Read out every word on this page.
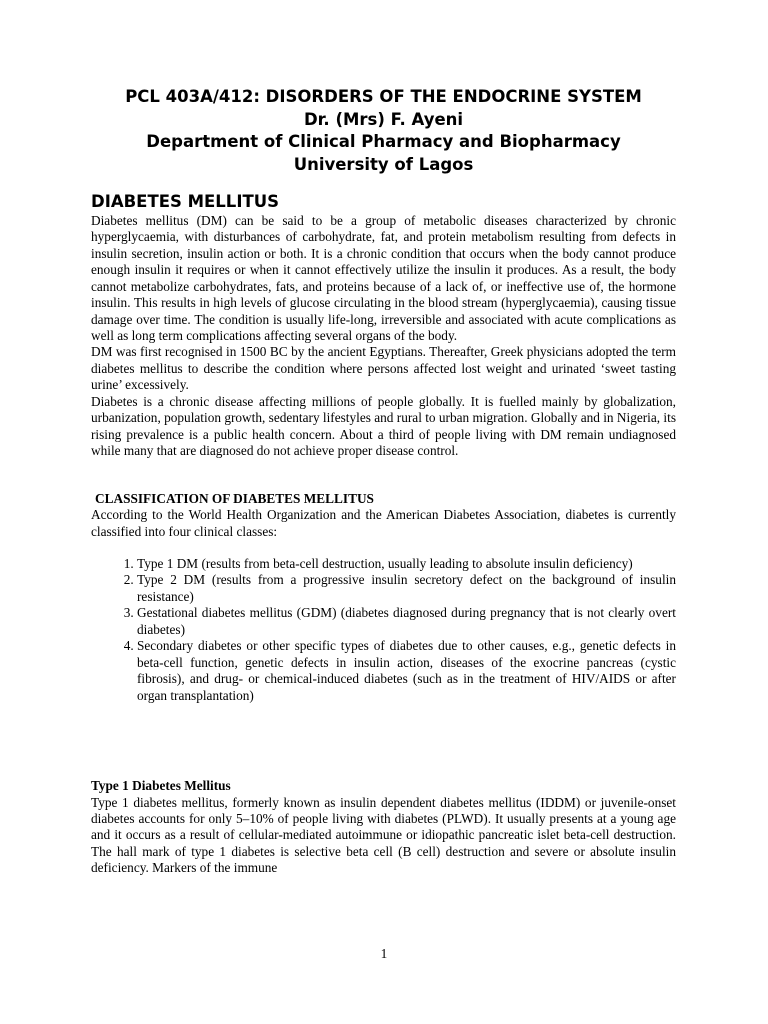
PCL 403A/412: DISORDERS OF THE ENDOCRINE SYSTEM

Dr. (Mrs) F. Ayeni

Department of Clinical Pharmacy and Biopharmacy

University of Lagos

DIABETES MELLITUS

Diabetes mellitus (DM) can be said to be a group of metabolic diseases characterized by chronic hyperglycaemia, with disturbances of carbohydrate, fat, and protein metabolism resulting from defects in insulin secretion, insulin action or both. It is a chronic condition that occurs when the body cannot produce enough insulin it requires or when it cannot effectively utilize the insulin it produces. As a result, the body cannot metabolize carbohydrates, fats, and proteins because of a lack of, or ineffective use of, the hormone insulin. This results in high levels of glucose circulating in the blood stream (hyperglycaemia), causing tissue damage over time. The condition is usually life-long, irreversible and associated with acute complications as well as long term complications affecting several organs of the body.

DM was first recognised in 1500 BC by the ancient Egyptians. Thereafter, Greek physicians adopted the term diabetes mellitus to describe the condition where persons affected lost weight and urinated ‘sweet tasting urine’ excessively.

Diabetes is a chronic disease affecting millions of people globally. It is fuelled mainly by globalization, urbanization, population growth, sedentary lifestyles and rural to urban migration. Globally and in Nigeria, its rising prevalence is a public health concern. About a third of people living with DM remain undiagnosed while many that are diagnosed do not achieve proper disease control.

CLASSIFICATION OF DIABETES MELLITUS

According to the World Health Organization and the American Diabetes Association, diabetes is currently classified into four clinical classes:

1. Type 1 DM (results from beta-cell destruction, usually leading to absolute insulin deficiency)
2. Type 2 DM (results from a progressive insulin secretory defect on the background of insulin resistance)
3. Gestational diabetes mellitus (GDM) (diabetes diagnosed during pregnancy that is not clearly overt diabetes)
4. Secondary diabetes or other specific types of diabetes due to other causes, e.g., genetic defects in beta-cell function, genetic defects in insulin action, diseases of the exocrine pancreas (cystic fibrosis), and drug- or chemical-induced diabetes (such as in the treatment of HIV/AIDS or after organ transplantation)

Type 1 Diabetes Mellitus

Type 1 diabetes mellitus, formerly known as insulin dependent diabetes mellitus (IDDM) or juvenile-onset diabetes accounts for only 5–10% of people living with diabetes (PLWD). It usually presents at a young age and it occurs as a result of cellular-mediated autoimmune or idiopathic pancreatic islet beta-cell destruction. The hall mark of type 1 diabetes is selective beta cell (B cell) destruction and severe or absolute insulin deficiency. Markers of the immune

1
